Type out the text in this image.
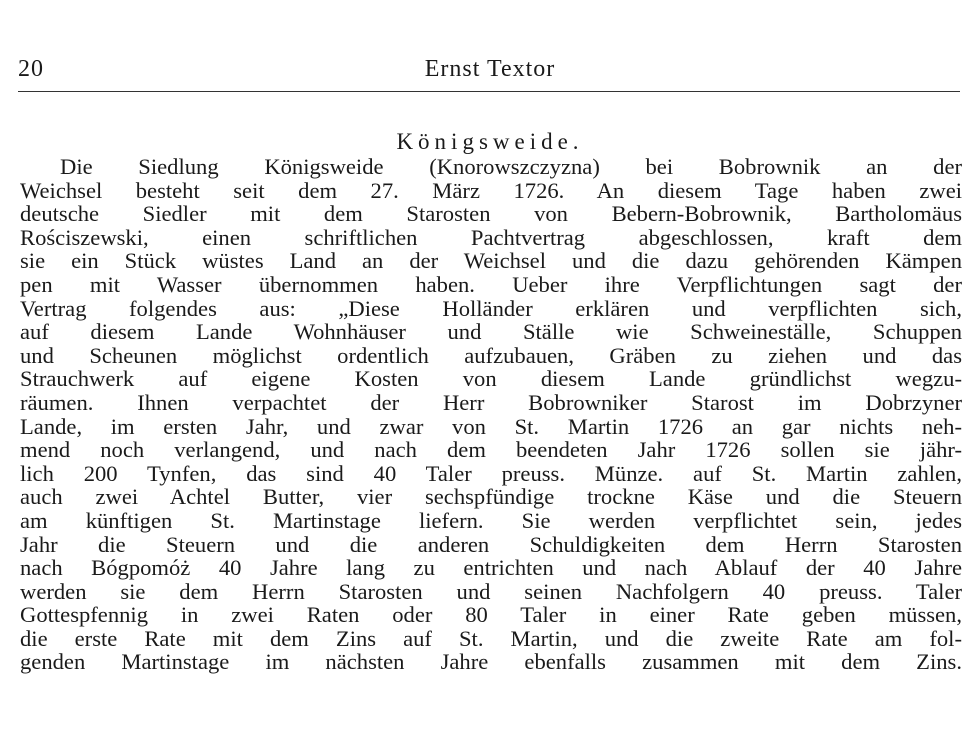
20	Ernst Textor
Königsweide.
Die Siedlung Königsweide (Knorowszczyzna) bei Bobrownik an der
Weichsel besteht seit dem 27. März 1726. An diesem Tage haben zwei
deutsche Siedler mit dem Starosten von Bebern-Bobrownik, Bartholomäus
Rościszewski, einen schriftlichen Pachtvertrag abgeschlossen, kraft dem
sie ein Stück wüstes Land an der Weichsel und die dazu gehörenden Kämpen
pen mit Wasser übernommen haben. Ueber ihre Verpflichtungen sagt der
Vertrag folgendes aus: „Diese Holländer erklären und verpflichten sich,
auf diesem Lande Wohnhäuser und Ställe wie Schweineställe, Schuppen
und Scheunen möglichst ordentlich aufzubauen, Gräben zu ziehen und das
Strauchwerk auf eigene Kosten von diesem Lande gründlichst wegzu-
räumen. Ihnen verpachtet der Herr Bobrowniker Starost im Dobrzyner
Lande, im ersten Jahr, und zwar von St. Martin 1726 an gar nichts neh-
mend noch verlangend, und nach dem beendeten Jahr 1726 sollen sie jähr-
lich 200 Tynfen, das sind 40 Taler preuss. Münze. auf St. Martin zahlen,
auch zwei Achtel Butter, vier sechspfündige trockne Käse und die Steuern
am künftigen St. Martinstage liefern. Sie werden verpflichtet sein, jedes
Jahr die Steuern und die anderen Schuldigkeiten dem Herrn Starosten
nach Bógpomóż 40 Jahre lang zu entrichten und nach Ablauf der 40 Jahre
werden sie dem Herrn Starosten und seinen Nachfolgern 40 preuss. Taler
Gottespfennig in zwei Raten oder 80 Taler in einer Rate geben müssen,
die erste Rate mit dem Zins auf St. Martin, und die zweite Rate am fol-
genden Martinstage im nächsten Jahre ebenfalls zusammen mit dem Zins.
